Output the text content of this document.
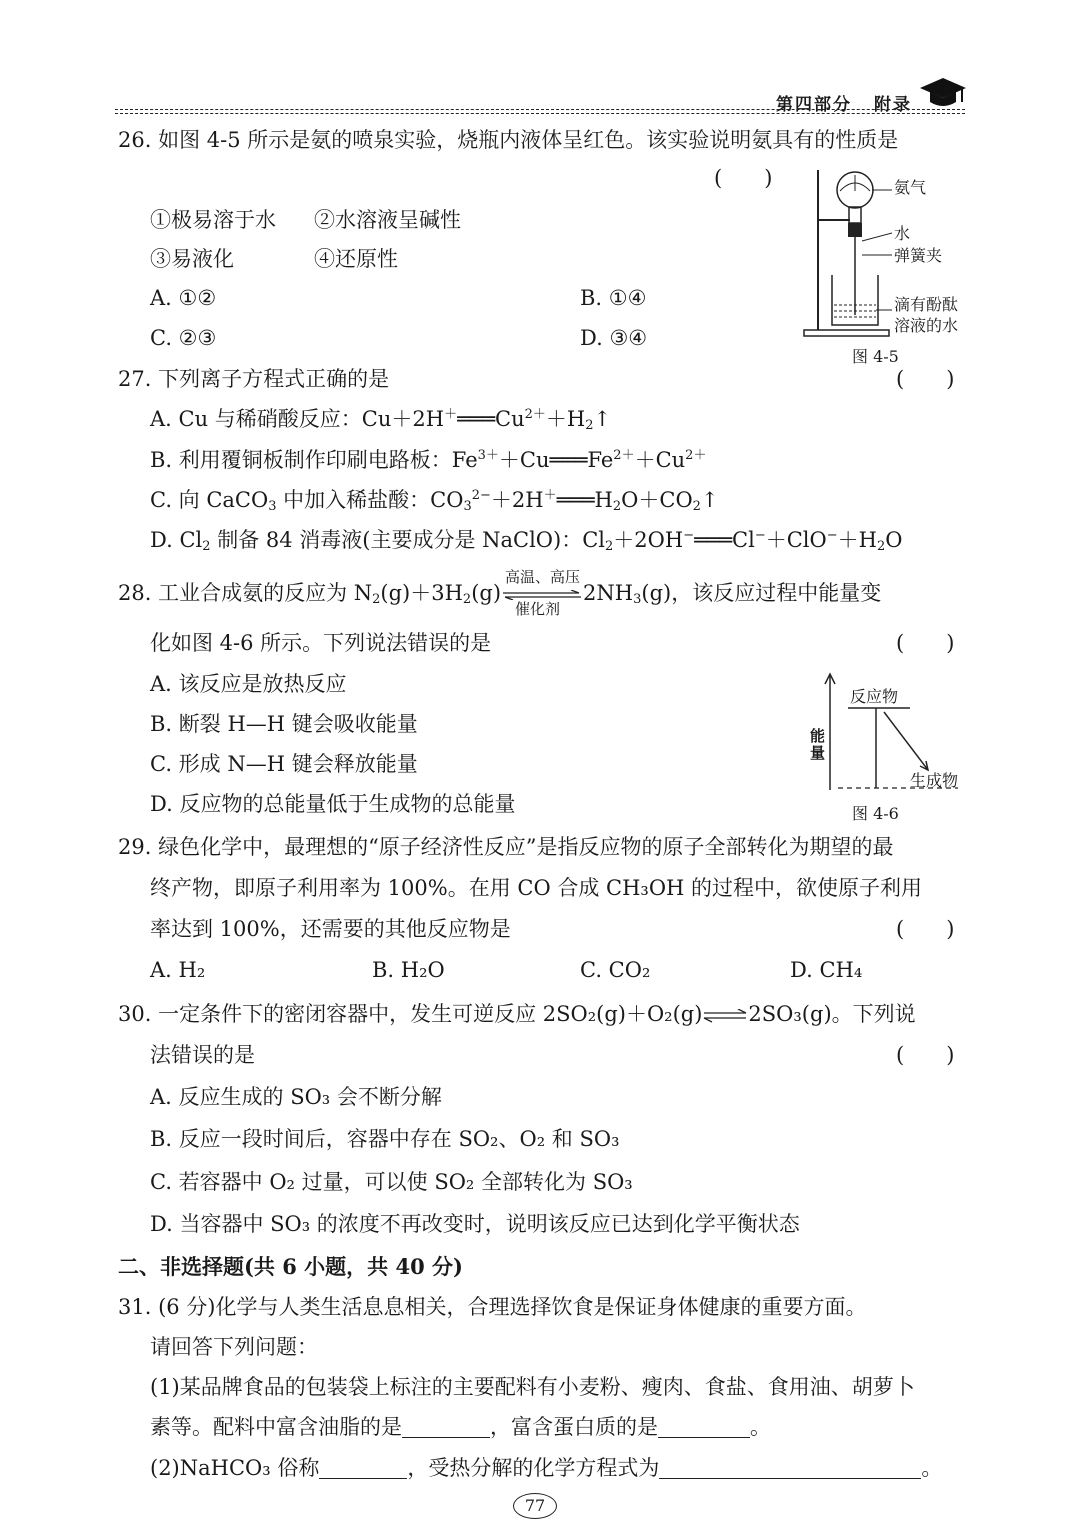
第四部分 附录
26. 如图 4-5 所示是氨的喷泉实验，烧瓶内液体呈红色。该实验说明氨具有的性质是
(　　)
①极易溶于水 ②水溶液呈碱性
③易液化	④还原性
A. ①②	B. ①④
C. ②③	D. ③④
氨气
水
弹簧夹
滴有酚酞
溶液的水
图 4-5
27. 下列离子方程式正确的是	(　　)
A. Cu 与稀硝酸反应：$Cu+2H^+═══Cu^{2+}+H_2↑$
B. 利用覆铜板制作印刷电路板：$Fe^{3+}+Cu═══Fe^{2+}+Cu^{2+}$
C. 向 CaCO$_3$ 中加入稀盐酸：$CO_3^{2-}+2H^+═══H_2O+CO_2↑$
D. $Cl_2$ 制备 84 消毒液(主要成分是 NaClO)：$Cl_2+2OH^-═══Cl^-+ClO^-+H_2O$
28. 工业合成氨的反应为 $N_2(g)+3H_2(g)$
高温、高压
催化剂
$2NH_3(g)$，该反应过程中能量变
化如图 4-6 所示。下列说法错误的是	(　　)
A. 该反应是放热反应
B. 断裂 H—H 键会吸收能量
C. 形成 N—H 键会释放能量
D. 反应物的总能量低于生成物的总能量
能
量
反应物
生成物
图 4-6
29. 绿色化学中，最理想的“原子经济性反应”是指反应物的原子全部转化为期望的最
终产物，即原子利用率为 100%。在用 CO 合成 CH₃OH 的过程中，欲使原子利用
率达到 100%，还需要的其他反应物是	(　　)
A. H₂	B. H₂O	C. CO₂	D. CH₄
30. 一定条件下的密闭容器中，发生可逆反应 2SO₂(g)＋O₂(g)⇌2SO₃(g)。下列说
法错误的是	(　　)
A. 反应生成的 SO₃ 会不断分解
B. 反应一段时间后，容器中存在 SO₂、O₂ 和 SO₃
C. 若容器中 O₂ 过量，可以使 SO₂ 全部转化为 SO₃
D. 当容器中 SO₃ 的浓度不再改变时，说明该反应已达到化学平衡状态
二、非选择题(共 6 小题，共 40 分)
31. (6 分)化学与人类生活息息相关，合理选择饮食是保证身体健康的重要方面。
请回答下列问题：
(1)某品牌食品的包装袋上标注的主要配料有小麦粉、瘦肉、食盐、食用油、胡萝卜
素等。配料中富含油脂的是	，富含蛋白质的是	。
(2)NaHCO₃ 俗称	，受热分解的化学方程式为	。
77
